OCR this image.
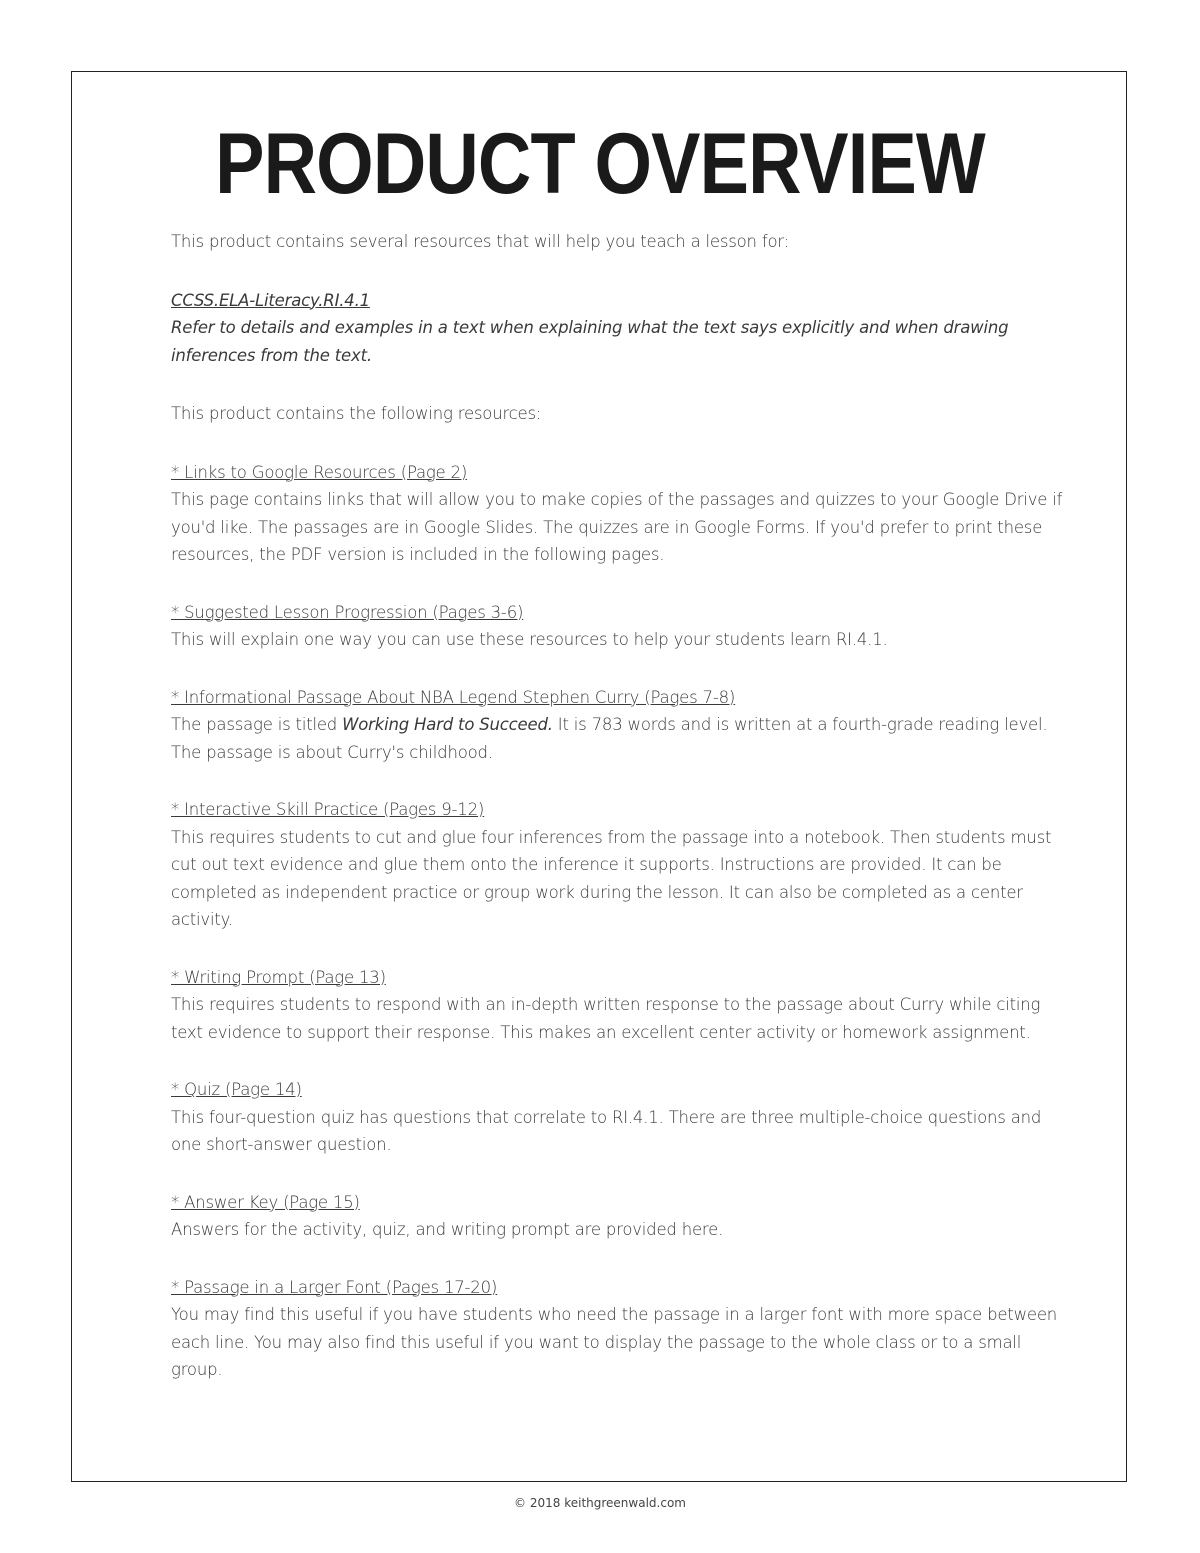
PRODUCT OVERVIEW

This product contains several resources that will help you teach a lesson for:

CCSS.ELA-Literacy.RI.4.1

Refer to details and examples in a text when explaining what the text says explicitly and when drawing inferences from the text.

This product contains the following resources:

* Links to Google Resources (Page 2)

This page contains links that will allow you to make copies of the passages and quizzes to your Google Drive if you'd like. The passages are in Google Slides. The quizzes are in Google Forms. If you'd prefer to print these resources, the PDF version is included in the following pages.

* Suggested Lesson Progression (Pages 3-6)

This will explain one way you can use these resources to help your students learn RI.4.1.

* Informational Passage About NBA Legend Stephen Curry (Pages 7-8)

The passage is titled Working Hard to Succeed. It is 783 words and is written at a fourth-grade reading level. The passage is about Curry's childhood.

* Interactive Skill Practice (Pages 9-12)

This requires students to cut and glue four inferences from the passage into a notebook. Then students must cut out text evidence and glue them onto the inference it supports. Instructions are provided. It can be completed as independent practice or group work during the lesson. It can also be completed as a center activity.

* Writing Prompt (Page 13)

This requires students to respond with an in-depth written response to the passage about Curry while citing text evidence to support their response. This makes an excellent center activity or homework assignment.

* Quiz (Page 14)

This four-question quiz has questions that correlate to RI.4.1. There are three multiple-choice questions and one short-answer question.

* Answer Key (Page 15)

Answers for the activity, quiz, and writing prompt are provided here.

* Passage in a Larger Font (Pages 17-20)

You may find this useful if you have students who need the passage in a larger font with more space between each line. You may also find this useful if you want to display the passage to the whole class or to a small group.

© 2018 keithgreenwald.com
